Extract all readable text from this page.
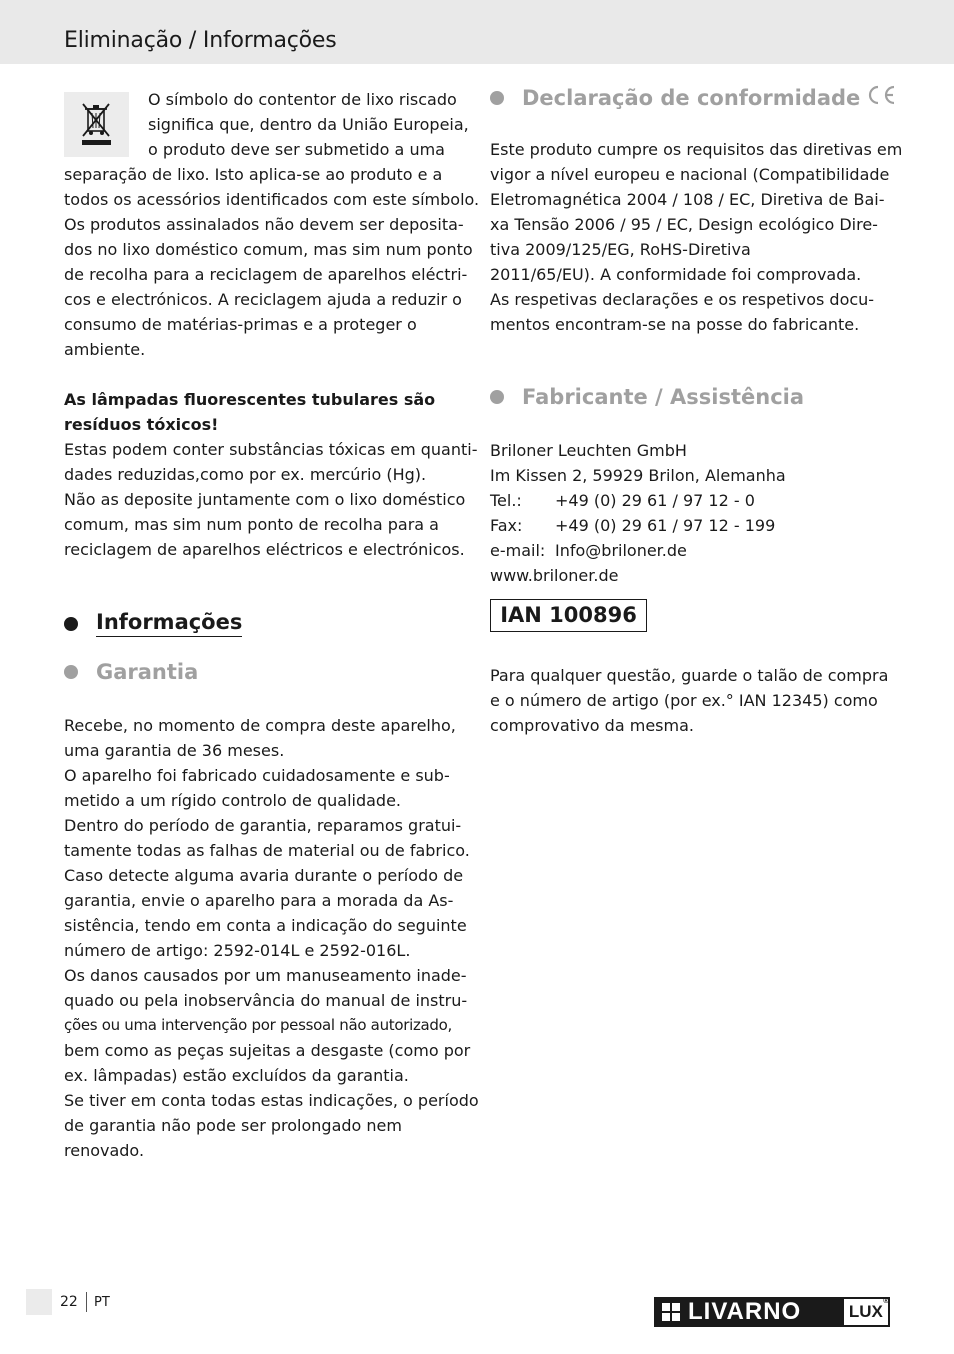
Eliminação / Informações
O símbolo do contentor de lixo riscado
significa que, dentro da União Europeia,
o produto deve ser submetido a uma
separação de lixo. Isto aplica-se ao produto e a
todos os acessórios identificados com este símbolo.
Os produtos assinalados não devem ser deposita-
dos no lixo doméstico comum, mas sim num ponto
de recolha para a reciclagem de aparelhos eléctri-
cos e electrónicos. A reciclagem ajuda a reduzir o
consumo de matérias-primas e a proteger o
ambiente.
As lâmpadas fluorescentes tubulares são
resíduos tóxicos!
Estas podem conter substâncias tóxicas em quanti-
dades reduzidas,como por ex. mercúrio (Hg).
Não as deposite juntamente com o lixo doméstico
comum, mas sim num ponto de recolha para a
reciclagem de aparelhos eléctricos e electrónicos.
Informações
Garantia
Recebe, no momento de compra deste aparelho,
uma garantia de 36 meses.
O aparelho foi fabricado cuidadosamente e sub-
metido a um rígido controlo de qualidade.
Dentro do período de garantia, reparamos gratui-
tamente todas as falhas de material ou de fabrico.
Caso detecte alguma avaria durante o período de
garantia, envie o aparelho para a morada da As-
sistência, tendo em conta a indicação do seguinte
número de artigo: 2592-014L e 2592-016L.
Os danos causados por um manuseamento inade-
quado ou pela inobservância do manual de instru-
ções ou uma intervenção por pessoal não autorizado,
bem como as peças sujeitas a desgaste (como por
ex. lâmpadas) estão excluídos da garantia.
Se tiver em conta todas estas indicações, o período
de garantia não pode ser prolongado nem
renovado.
Declaração de conformidade
Este produto cumpre os requisitos das diretivas em
vigor a nível europeu e nacional (Compatibilidade
Eletromagnética 2004 / 108 / EC, Diretiva de Bai-
xa Tensão 2006 / 95 / EC, Design ecológico Dire-
tiva 2009/125/EG, RoHS-Diretiva
2011/65/EU). A conformidade foi comprovada.
As respetivas declarações e os respetivos docu-
mentos encontram-se na posse do fabricante.
Fabricante / Assistência
Briloner Leuchten GmbH
Im Kissen 2, 59929 Brilon, Alemanha
Tel.:	+49 (0) 29 61 / 97 12 - 0
Fax:	+49 (0) 29 61 / 97 12 - 199
e-mail: Info@briloner.de
www.briloner.de
IAN 100896
Para qualquer questão, guarde o talão de compra
e o número de artigo (por ex.° IAN 12345) como
comprovativo da mesma.
22 PT	LIVARNO	LUX
®
